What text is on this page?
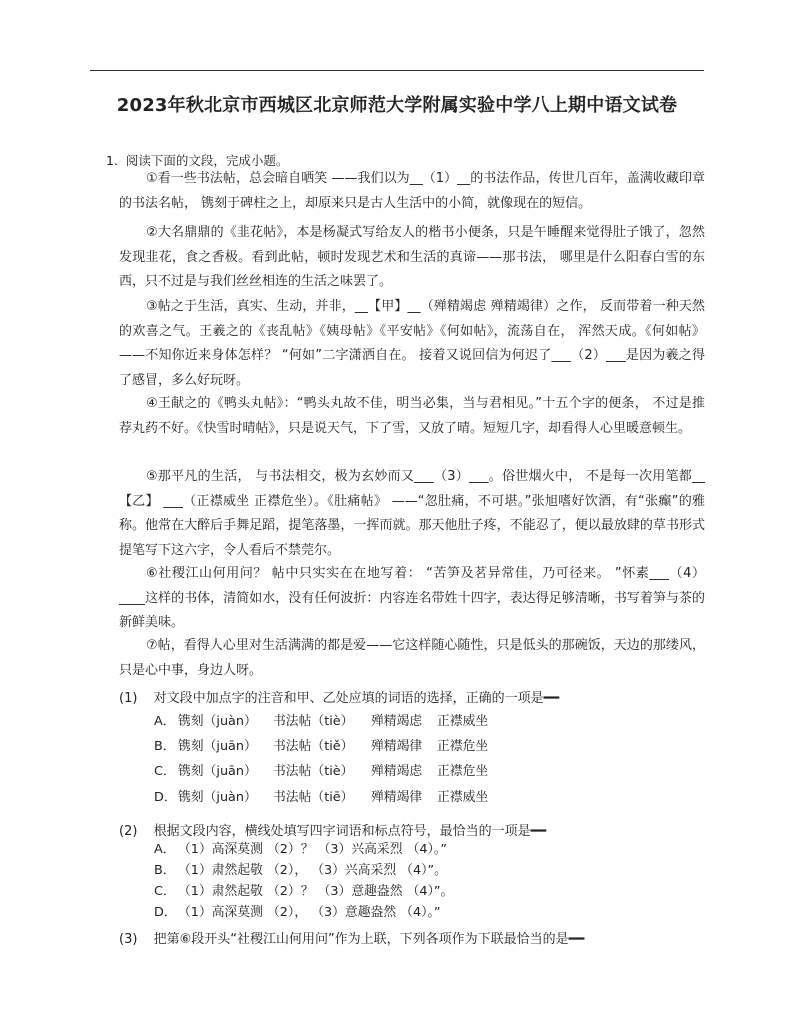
2023年秋北京市西城区北京师范大学附属实验中学八上期中语文试卷
1. 阅读下面的文段，完成小题。
①看一些书法帖，总会暗自哂笑 ——我们以为__（1）__的书法作品，传世几百年，盖满收藏印章的书法名帖， 镌刻于碑柱之上，却原来只是古人生活中的小简，就像现在的短信。
②大名鼎鼎的《韭花帖》，本是杨凝式写给友人的楷书小便条，只是午睡醒来觉得肚子饿了，忽然发现韭花，食之香极。看到此帖，顿时发现艺术和生活的真谛——那书法， 哪里是什么阳春白雪的东西，只不过是与我们丝丝相连的生活之味罢了。
③帖之于生活，真实、生动，并非，__【甲】__（殚精竭虑 殚精竭律）之作， 反而带着一种天然的欢喜之气。王羲之的《丧乱帖》《姨母帖》《平安帖》《何如帖》，流荡自在， 浑然天成。《何如帖》 ——不知你近来身体怎样？ “何如”二字潇洒自在。 接着又说回信为何迟了___（2）___是因为羲之得了感冒，多么好玩呀。
④王献之的《鸭头丸帖》：“鸭头丸故不佳，明当必集，当与君相见。”十五个字的便条， 不过是推荐丸药不好。《快雪时晴帖》，只是说天气，下了雪，又放了晴。短短几字，却看得人心里暖意顿生。
⑤那平凡的生活， 与书法相交，极为玄妙而又___（3）___。俗世烟火中， 不是每一次用笔都__【乙】 ___（正襟威坐 正襟危坐）。《肚痛帖》 ——“忽肚痛，不可堪。”张旭嗜好饮酒，有“张癫”的雅称。他常在大醉后手舞足蹈，提笔落墨，一挥而就。那天他肚子疼，不能忍了，便以最放肆的草书形式提笔写下这六字，令人看后不禁莞尔。
⑥社稷江山何用问？ 帖中只实实在在地写着： “苦笋及茗异常佳，乃可径来。 ”怀素___（4）____这样的书体，清简如水，没有任何波折：内容连名带姓十四字，表达得足够清晰，书写着笋与茶的新鲜美味。
⑦帖，看得人心里对生活满满的都是爱——它这样随心随性，只是低头的那碗饭，天边的那缕风，只是心中事，身边人呀。
(1) 对文段中加点字的注音和甲、乙处应填的词语的选择，正确的一项是━━
A． 镌刻（juàn） 书法帖（tiè） 殚精竭虑 正襟威坐
B． 镌刻（juān） 书法帖（tiě） 殚精竭律 正襟危坐
C． 镌刻（juān） 书法帖（tiè） 殚精竭虑 正襟危坐
D．镌刻（juàn） 书法帖（tiē） 殚精竭律 正襟威坐
(2) 根据文段内容，横线处填写四字词语和标点符号，最恰当的一项是━━
A． （1）高深莫测 （2）？ （3）兴高采烈 （4）。”
B． （1）肃然起敬 （2）， （3）兴高采烈 （4）”。
C． （1）肃然起敬 （2）？ （3）意趣盎然 （4）”。
D．（1）高深莫测 （2）， （3）意趣盎然 （4）。”
(3) 把第⑥段开头“社稷江山何用问”作为上联，下列各项作为下联最恰当的是━━
